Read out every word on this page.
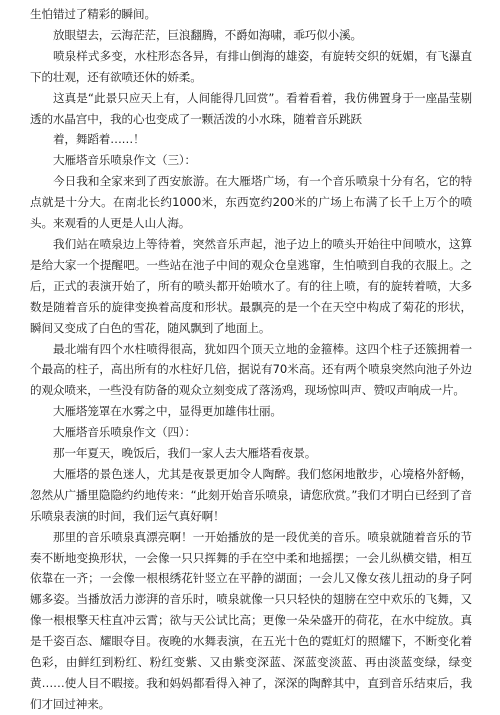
生怕错过了精彩的瞬间。

放眼望去，云海茫茫，巨浪翻腾，不爵如海啸，乖巧似小溪。

喷泉样式多变，水柱形态各异，有排山倒海的雄姿，有旋转交织的妩媚，有飞瀑直下的壮观，还有欲喷还休的娇柔。

这真是“此景只应天上有，人间能得几回赏”。看着看着，我仿佛置身于一座晶莹剔透的水晶宫中，我的心也变成了一颗活泼的小水珠，随着音乐跳跃

着，舞蹈着……！

大雁塔音乐喷泉作文（三）：

今日我和全家来到了西安旅游。在大雁塔广场，有一个音乐喷泉十分有名，它的特点就是十分大。在南北长约1000米，东西宽约200米的广场上布满了长千上万个的喷头。来观看的人更是人山人海。

我们站在喷泉边上等待着，突然音乐声起，池子边上的喷头开始往中间喷水，这算是给大家一个提醒吧。一些站在池子中间的观众仓皇逃窜，生怕喷到自我的衣服上。之后，正式的表演开始了，所有的喷头都开始喷水了。有的往上喷，有的旋转着喷，大多数是随着音乐的旋律变换着高度和形状。最飘亮的是一个在天空中构成了菊花的形状，瞬间又变成了白色的雪花，随风飘到了地面上。

最北端有四个水柱喷得很高，犹如四个顶天立地的金箍棒。这四个柱子还簇拥着一个最高的柱子，高出所有的水柱好几倍，据说有70米高。还有两个喷泉突然向池子外边的观众喷来，一些没有防备的观众立刻变成了落汤鸡，现场惊叫声、赞叹声响成一片。

大雁塔笼罩在水雾之中，显得更加雄伟壮丽。

大雁塔音乐喷泉作文（四）：

那一年夏天，晚饭后，我们一家人去大雁塔看夜景。

大雁塔的景色迷人，尤其是夜景更加令人陶醉。我们悠闲地散步，心境格外舒畅，忽然从广播里隐隐约约地传来：“此刻开始音乐喷泉，请您欣赏。”我们才明白已经到了音乐喷泉表演的时间，我们运气真好啊！

那里的音乐喷泉真漂亮啊！一开始播放的是一段优美的音乐。喷泉就随着音乐的节奏不断地变换形状，一会像一只只挥舞的手在空中柔和地摇摆；一会儿纵横交错，相互依靠在一齐；一会像一根根绣花针竖立在平静的湖面；一会儿又像女孩儿扭动的身子阿娜多姿。当播放活力澎湃的音乐时，喷泉就像一只只轻快的翅膀在空中欢乐的飞舞，又像一根根擎天柱直冲云霄；欲与天公试比高；更像一朵朵盛开的荷花，在水中绽放。真是千姿百态、耀眼夺目。夜晚的水舞表演，在五光十色的霓虹灯的照耀下，不断变化着色彩，由鲜红到粉红、粉红变紫、又由紫变深蓝、深蓝变淡蓝、再由淡蓝变绿，绿变黄……使人目不暇接。我和妈妈都看得入神了，深深的陶醉其中，直到音乐结束后，我们才回过神来。
